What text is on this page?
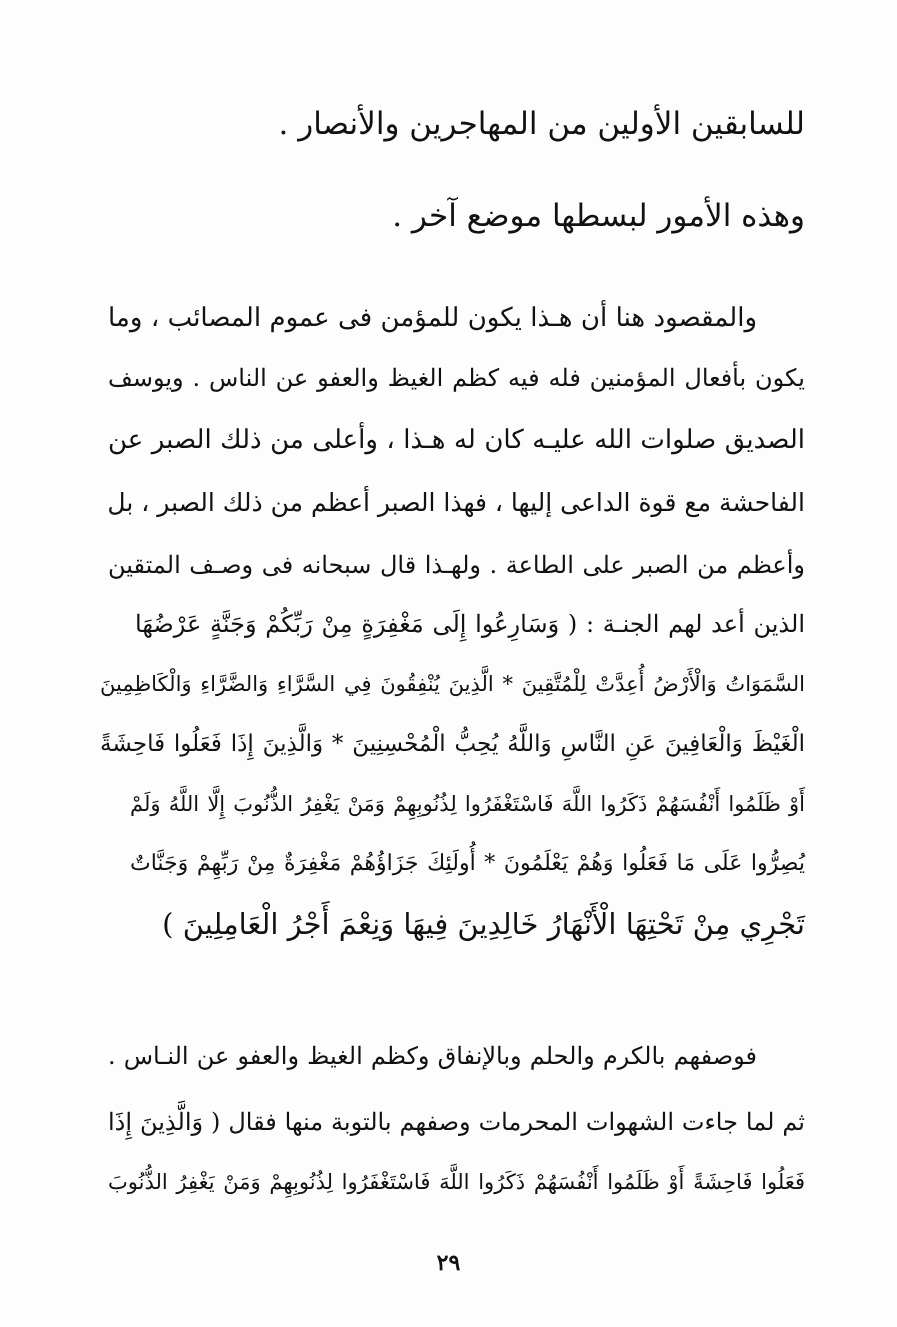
للسابقين الأولين من المهاجرين والأنصار .
وهذه الأمور لبسطها موضع آخر .
والمقصود هنا أن هـذا يكون للمؤمن فى عموم المصائب ، وما
يكون بأفعال المؤمنين فله فيه كظم الغيظ والعفو عن الناس . ويوسف
الصديق صلوات الله عليـه كان له هـذا ، وأعلى من ذلك الصبر عن
الفاحشة مع قوة الداعى إليها ، فهذا الصبر أعظم من ذلك الصبر ، بل
وأعظم من الصبر على الطاعة . ولهـذا قال سبحانه فى وصـف المتقين
الذين أعد لهم الجنـة : ( وَسَارِعُوا إِلَى مَغْفِرَةٍ مِنْ رَبِّكُمْ وَجَنَّةٍ عَرْضُهَا
السَّمَوَاتُ وَالْأَرْضُ أُعِدَّتْ لِلْمُتَّقِينَ * الَّذِينَ يُنْفِقُونَ فِي السَّرَّاءِ وَالضَّرَّاءِ وَالْكَاظِمِينَ
الْغَيْظَ وَالْعَافِينَ عَنِ النَّاسِ وَاللَّهُ يُحِبُّ الْمُحْسِنِينَ * وَالَّذِينَ إِذَا فَعَلُوا فَاحِشَةً
أَوْ ظَلَمُوا أَنْفُسَهُمْ ذَكَرُوا اللَّهَ فَاسْتَغْفَرُوا لِذُنُوبِهِمْ وَمَنْ يَغْفِرُ الذُّنُوبَ إِلَّا اللَّهُ وَلَمْ
يُصِرُّوا عَلَى مَا فَعَلُوا وَهُمْ يَعْلَمُونَ * أُولَئِكَ جَزَاؤُهُمْ مَغْفِرَةٌ مِنْ رَبِّهِمْ وَجَنَّاتٌ
تَجْرِي مِنْ تَحْتِهَا الْأَنْهَارُ خَالِدِينَ فِيهَا وَنِعْمَ أَجْرُ الْعَامِلِينَ )
فوصفهم بالكرم والحلم وبالإنفاق وكظم الغيظ والعفو عن النـاس .
ثم لما جاءت الشهوات المحرمات وصفهم بالتوبة منها فقال ( وَالَّذِينَ إِذَا
فَعَلُوا فَاحِشَةً أَوْ ظَلَمُوا أَنْفُسَهُمْ ذَكَرُوا اللَّهَ فَاسْتَغْفَرُوا لِذُنُوبِهِمْ وَمَنْ يَغْفِرُ الذُّنُوبَ
٢٩
